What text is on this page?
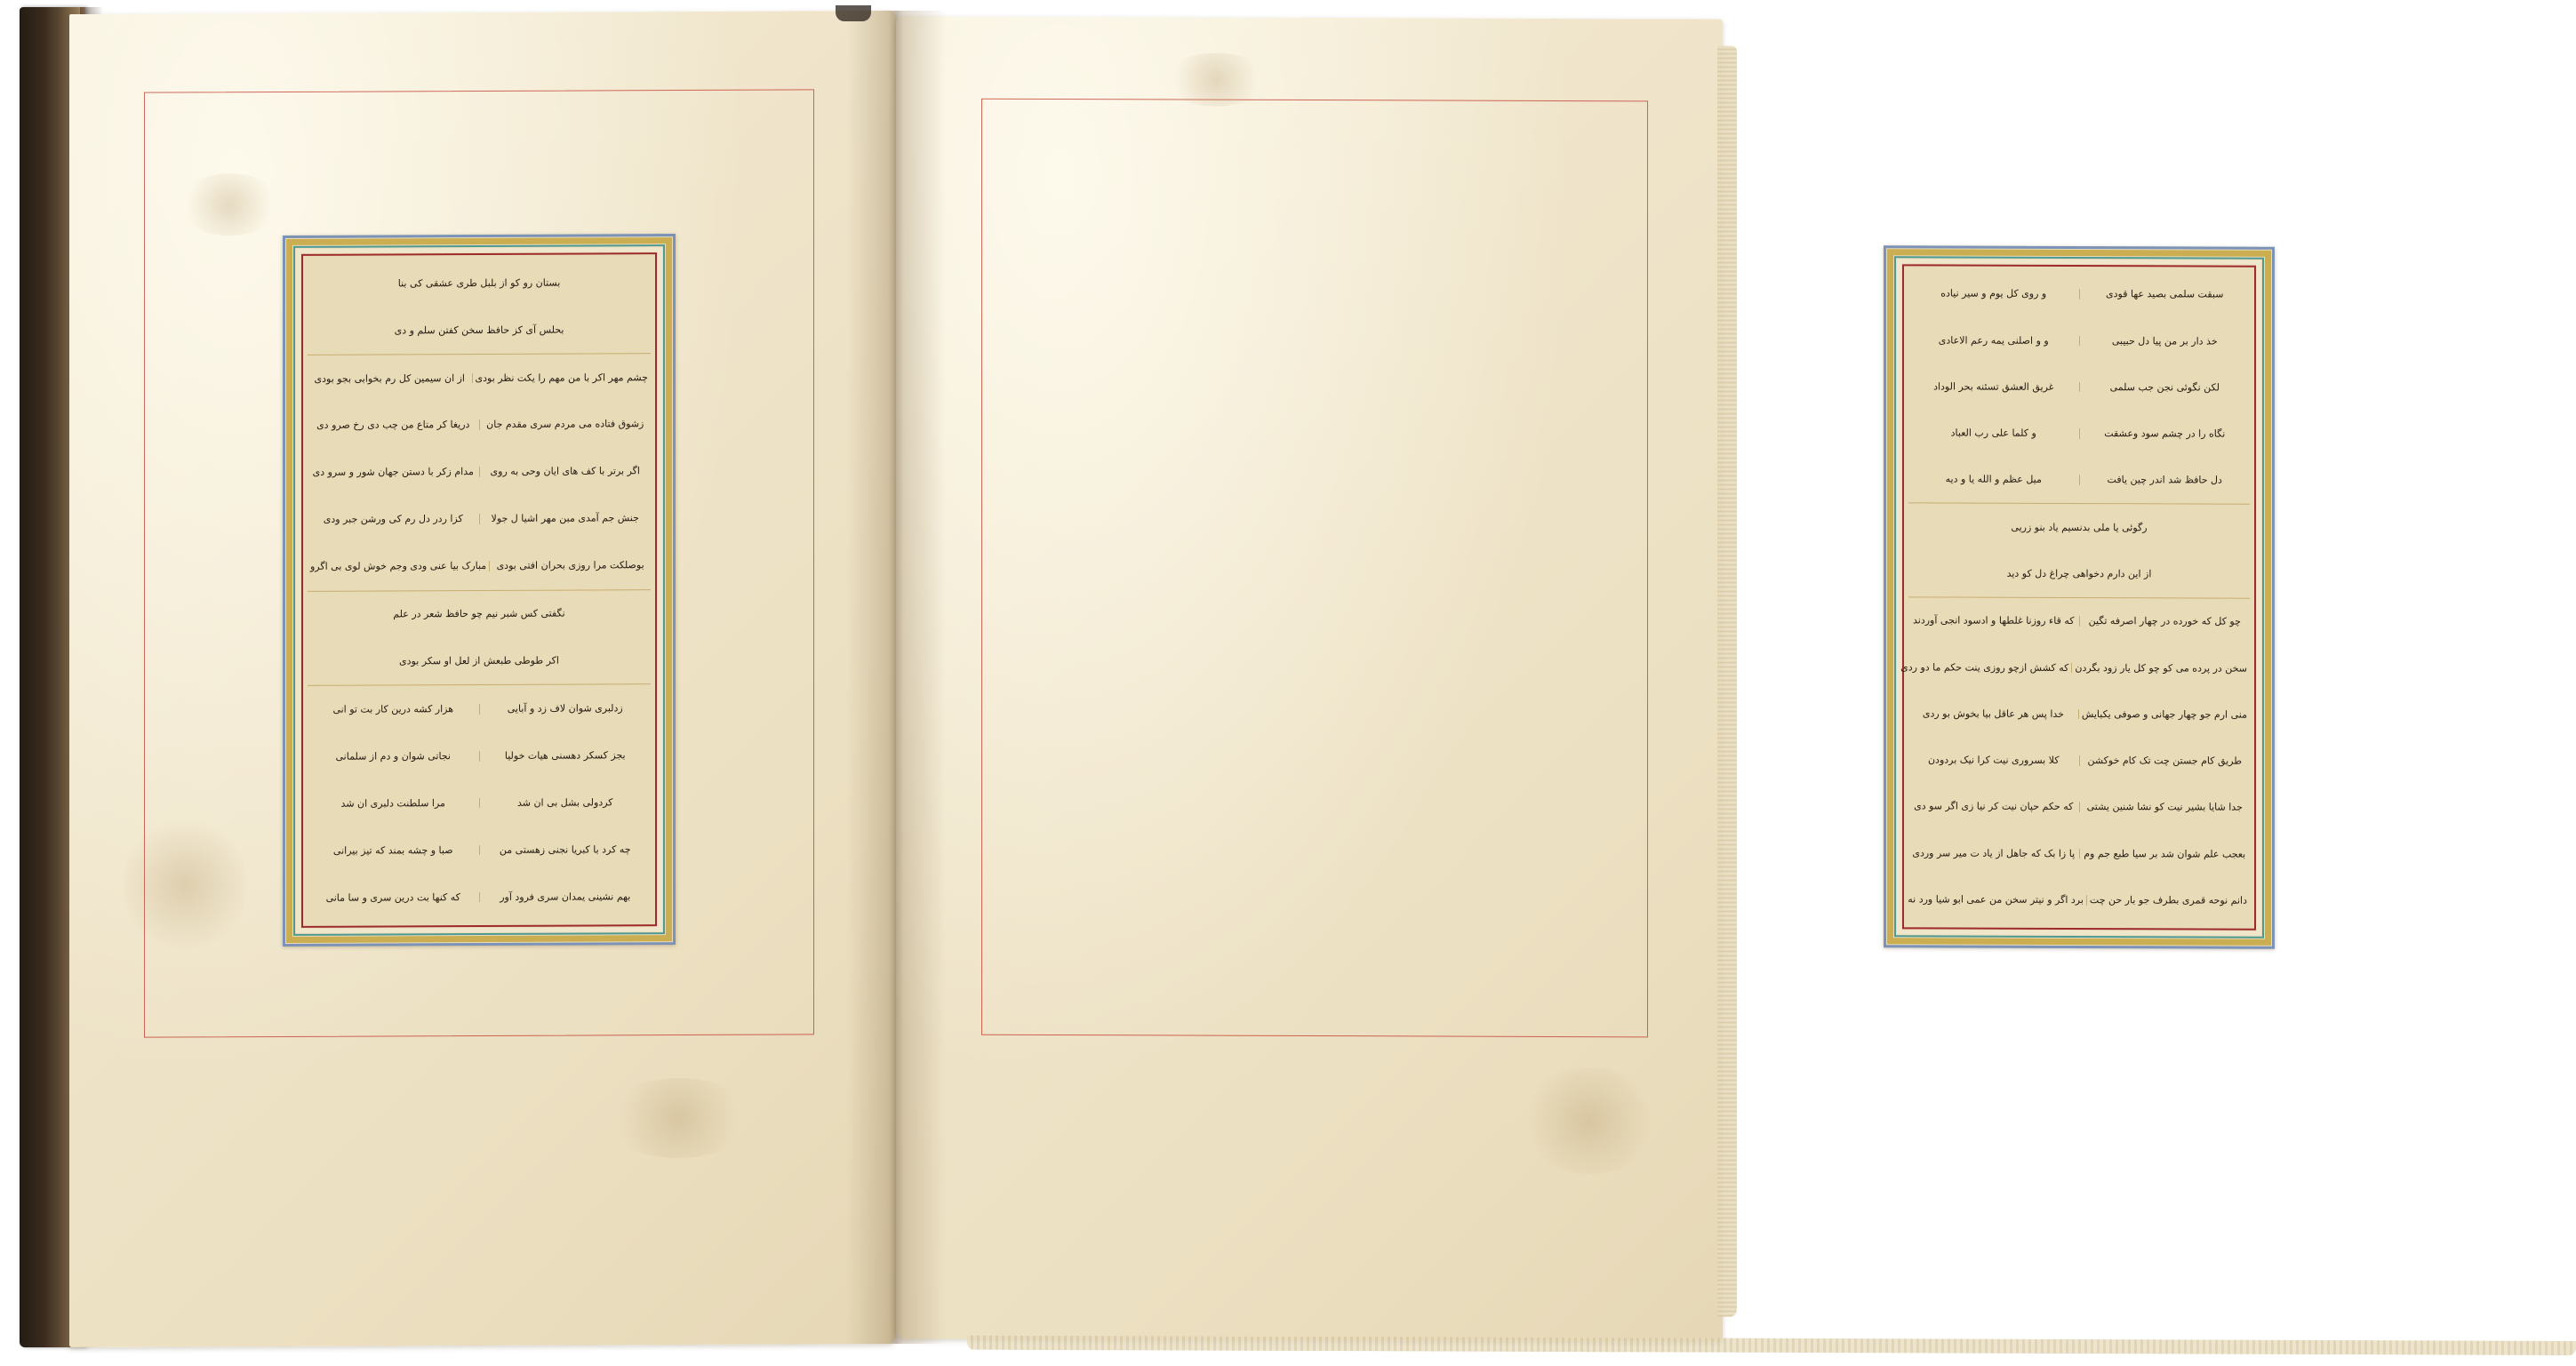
بستان رو کو از بلبل طری عشقی کی بنا
بحلس آی کز حافظ سخن کفتن سلم و دی
چشم مهر اکر با من مهم را یکت نظر بودی
از ان سیمین کل رم بخوابی بجو بودی
زشوق فتاده می مردم سری مقدم جان
دریغا کر متاع من چب دی رخ صرو دی
اگر برتر با کف های ایان وحی به روی
مدام زکر با دستن جهان شور و سرو دی
جنش جم آمدی مبن مهر اشیا ل جولا
کزا ردر دل رم کی ورشن جبر ودی
بوصلکت مرا روزی بحران افتی بودی
مبارک بیا عنی ودی وجم خوش لوی بی اگرو
نگفتی کس شبر نیم چو حافظ شعر در علم
اکر طوطی طبعش از لعل او سکر بودی
زدلبری شوان لاف زد و آبایی
هزار کشه درین کار بت تو انی
بجز کسکر دهسنی هیات خولیا
نجاتی شوان و دم از سلمانی
کردولی بشل بی ان شد
مرا سلطنت دلبری ان شد
چه کرد با کبریا نجنی زهستی من
صبا و چشه بمند که تیز بیرانی
بهم نشینی یمدان سری فرود آور
که کنها بت درین سری و سا مانی
سبقت سلمی بصید عها قودی
و روی کل یوم و سیر نیاده
خذ دار بر من پیا دل حبیبی
و و اصلنی یمه رعم الاعادی
لکن نگوئی نجن جب سلمی
غریق العشق تسئنه بحر الوداد
نگاه را در چشم سود وعشقت
و کلما علی رب العباد
دل حافظ شد اندر چین یافت
میل عظم و الله یا و دیه
رگوئی یا ملی بدنسیم یاد بنو زریی
از این دارم دخواهی چراغ دل کو دید
چو کل که خورده در چهار اصرفه تگین
که قاء روزنا غلطها و ادسود انجی آوردند
سخن در پرده می کو چو کل یار زود بگردن
که کشش ازچو روزی ینت حکم ما دو ردی
منی ارم جو چهار جهانی و صوفی یکبایش
خدا پس هر عاقل بیا بخوش بو ردی
طریق کام جستن چت تک کام خوکشن
کلا بسروری نیت کرا نیک بردودن
جدا شایا بشیر نیت کو نشا شنین یشتی
که حکم حپان نیت کر نیا زی اگر سو دی
بعجب علم شوان شد بر سیا طبع جم وم
پا زا بک که جاهل از یاد ت میر سر وردی
دانم نوحه قمری بطرف جو بار حن چت
برد اگر و نیتر سخن من عمی ابو شیا ورد نه
